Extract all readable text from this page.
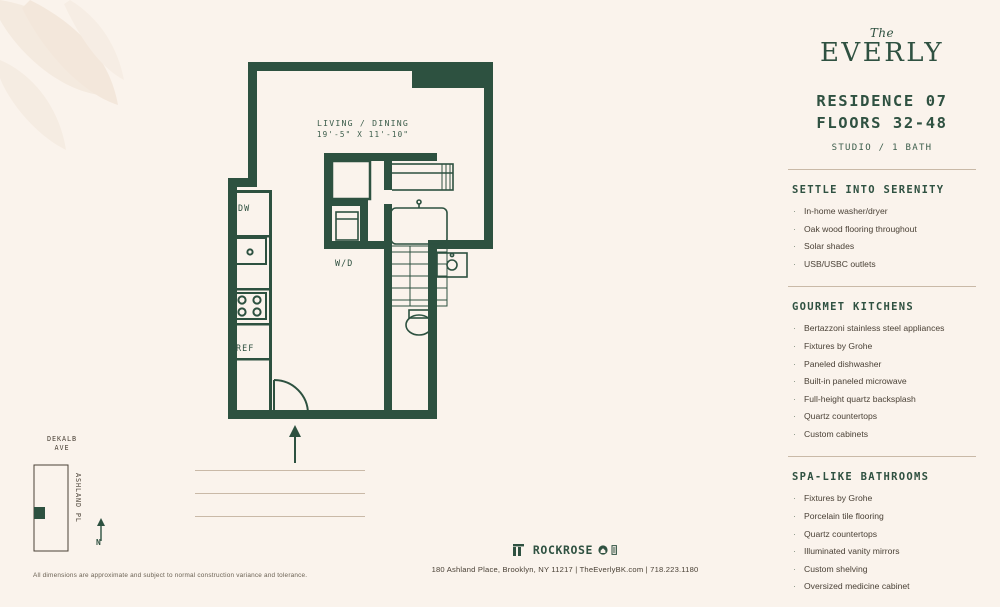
LIVING / DINING
19'-5" X 11'-10"
DW
W/D
REF
DEKALB
AVE
ASHLAND PL
N
All dimensions are approximate and subject to normal construction variance and tolerance.
ROCKROSE
180 Ashland Place, Brooklyn, NY 11217 | TheEverlyBK.com | 718.223.1180
The
EVERLY
RESIDENCE 07
FLOORS 32-48
STUDIO / 1 BATH
SETTLE INTO SERENITY
· In-home washer/dryer
· Oak wood flooring throughout
· Solar shades
· USB/USBC outlets
GOURMET KITCHENS
· Bertazzoni stainless steel appliances
· Fixtures by Grohe
· Paneled dishwasher
· Built-in paneled microwave
· Full-height quartz backsplash
· Quartz countertops
· Custom cabinets
SPA-LIKE BATHROOMS
· Fixtures by Grohe
· Porcelain tile flooring
· Quartz countertops
· Illuminated vanity mirrors
· Custom shelving
· Oversized medicine cabinet
